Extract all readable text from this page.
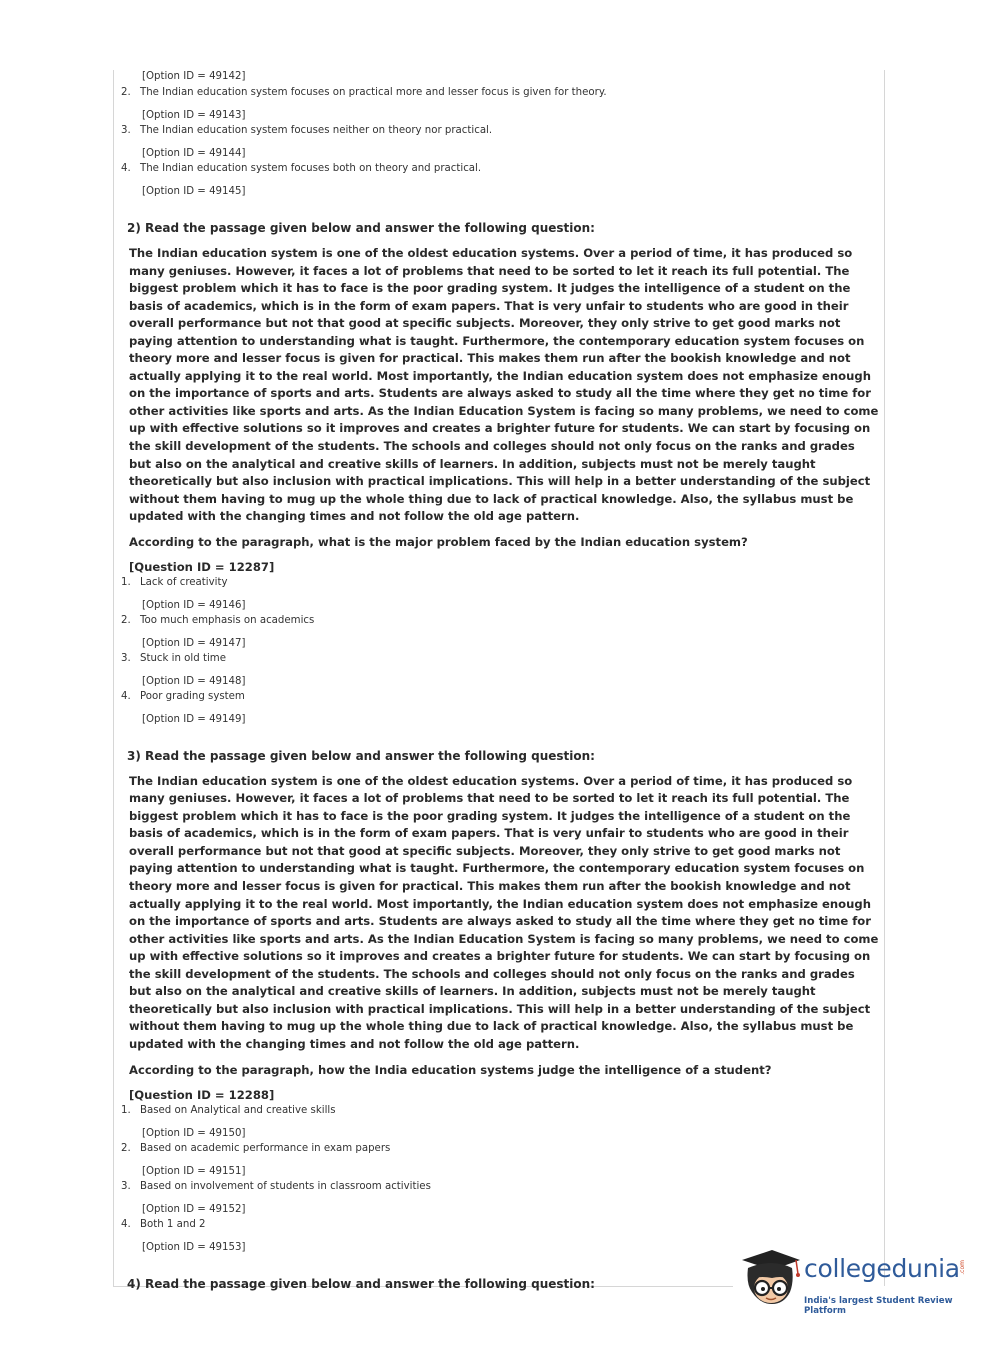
[Option ID = 49142]

2. The Indian education system focuses on practical more and lesser focus is given for theory.

[Option ID = 49143]

3. The Indian education system focuses neither on theory nor practical.

[Option ID = 49144]

4. The Indian education system focuses both on theory and practical.

[Option ID = 49145]

2) Read the passage given below and answer the following question:

The Indian education system is one of the oldest education systems. Over a period of time, it has produced so many geniuses. However, it faces a lot of problems that need to be sorted to let it reach its full potential. The biggest problem which it has to face is the poor grading system. It judges the intelligence of a student on the basis of academics, which is in the form of exam papers. That is very unfair to students who are good in their overall performance but not that good at specific subjects. Moreover, they only strive to get good marks not paying attention to understanding what is taught. Furthermore, the contemporary education system focuses on theory more and lesser focus is given for practical. This makes them run after the bookish knowledge and not actually applying it to the real world. Most importantly, the Indian education system does not emphasize enough on the importance of sports and arts. Students are always asked to study all the time where they get no time for other activities like sports and arts. As the Indian Education System is facing so many problems, we need to come up with effective solutions so it improves and creates a brighter future for students. We can start by focusing on the skill development of the students. The schools and colleges should not only focus on the ranks and grades but also on the analytical and creative skills of learners. In addition, subjects must not be merely taught theoretically but also inclusion with practical implications. This will help in a better understanding of the subject without them having to mug up the whole thing due to lack of practical knowledge. Also, the syllabus must be updated with the changing times and not follow the old age pattern.

According to the paragraph, what is the major problem faced by the Indian education system?

[Question ID = 12287]

1. Lack of creativity

[Option ID = 49146]

2. Too much emphasis on academics

[Option ID = 49147]

3. Stuck in old time

[Option ID = 49148]

4. Poor grading system

[Option ID = 49149]

3) Read the passage given below and answer the following question:

The Indian education system is one of the oldest education systems. Over a period of time, it has produced so many geniuses. However, it faces a lot of problems that need to be sorted to let it reach its full potential. The biggest problem which it has to face is the poor grading system. It judges the intelligence of a student on the basis of academics, which is in the form of exam papers. That is very unfair to students who are good in their overall performance but not that good at specific subjects. Moreover, they only strive to get good marks not paying attention to understanding what is taught. Furthermore, the contemporary education system focuses on theory more and lesser focus is given for practical. This makes them run after the bookish knowledge and not actually applying it to the real world. Most importantly, the Indian education system does not emphasize enough on the importance of sports and arts. Students are always asked to study all the time where they get no time for other activities like sports and arts. As the Indian Education System is facing so many problems, we need to come up with effective solutions so it improves and creates a brighter future for students. We can start by focusing on the skill development of the students. The schools and colleges should not only focus on the ranks and grades but also on the analytical and creative skills of learners. In addition, subjects must not be merely taught theoretically but also inclusion with practical implications. This will help in a better understanding of the subject without them having to mug up the whole thing due to lack of practical knowledge. Also, the syllabus must be updated with the changing times and not follow the old age pattern.

According to the paragraph, how the India education systems judge the intelligence of a student?

[Question ID = 12288]

1. Based on Analytical and creative skills

[Option ID = 49150]

2. Based on academic performance in exam papers

[Option ID = 49151]

3. Based on involvement of students in classroom activities

[Option ID = 49152]

4. Both 1 and 2

[Option ID = 49153]

4) Read the passage given below and answer the following question:

collegedunia .com
India's largest Student Review Platform
